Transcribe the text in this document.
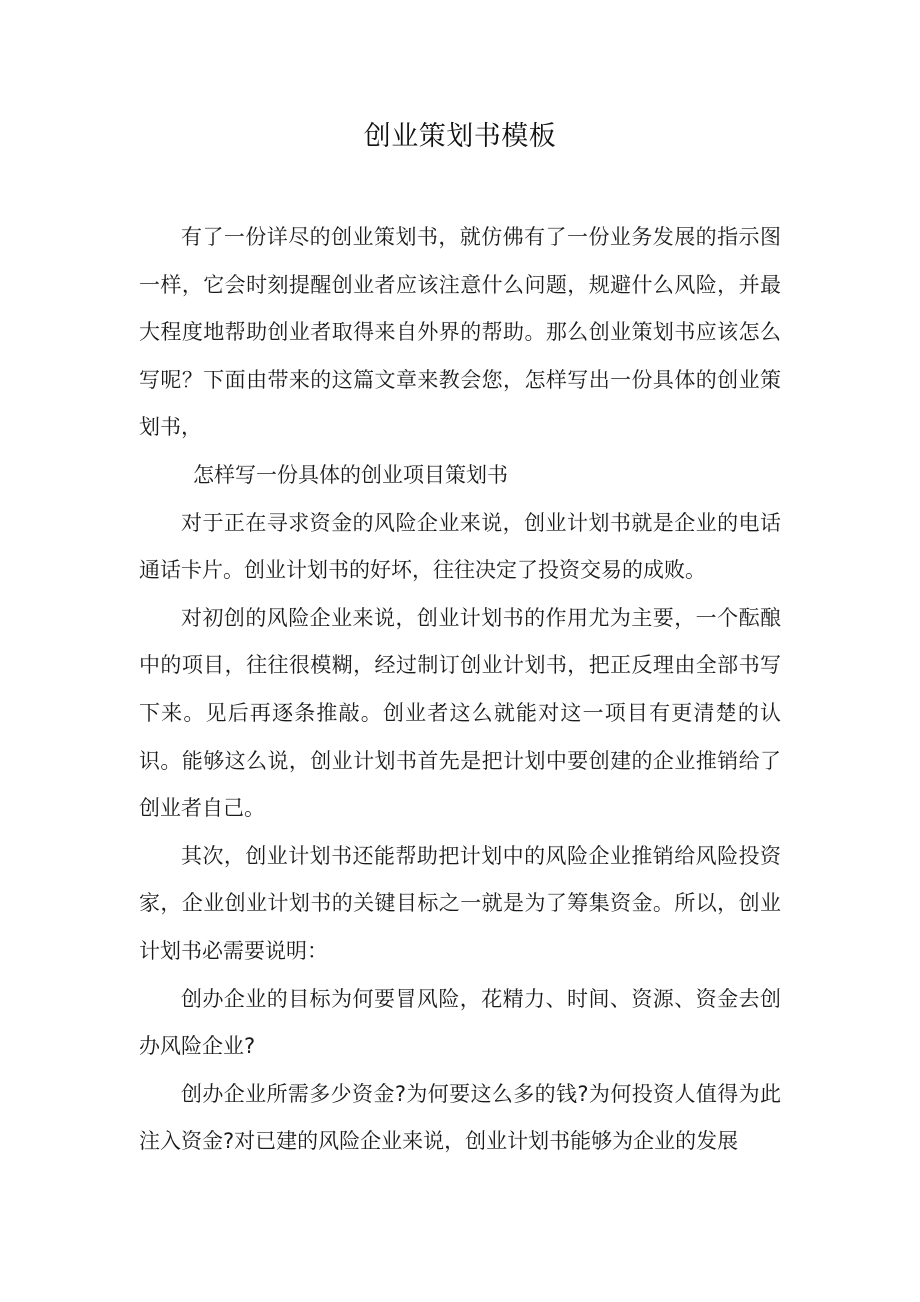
创业策划书模板

有了一份详尽的创业策划书，就仿佛有了一份业务发展的指示图一样，它会时刻提醒创业者应该注意什么问题，规避什么风险，并最大程度地帮助创业者取得来自外界的帮助。那么创业策划书应该怎么写呢？下面由带来的这篇文章来教会您，怎样写出一份具体的创业策划书，

怎样写一份具体的创业项目策划书

对于正在寻求资金的风险企业来说，创业计划书就是企业的电话通话卡片。创业计划书的好坏，往往决定了投资交易的成败。

对初创的风险企业来说，创业计划书的作用尤为主要，一个酝酿中的项目，往往很模糊，经过制订创业计划书，把正反理由全部书写下来。见后再逐条推敲。创业者这么就能对这一项目有更清楚的认识。能够这么说，创业计划书首先是把计划中要创建的企业推销给了创业者自己。

其次，创业计划书还能帮助把计划中的风险企业推销给风险投资家，企业创业计划书的关键目标之一就是为了筹集资金。所以，创业计划书必需要说明：

创办企业的目标为何要冒风险，花精力、时间、资源、资金去创办风险企业?

创办企业所需多少资金?为何要这么多的钱?为何投资人值得为此注入资金?对已建的风险企业来说，创业计划书能够为企业的发展
